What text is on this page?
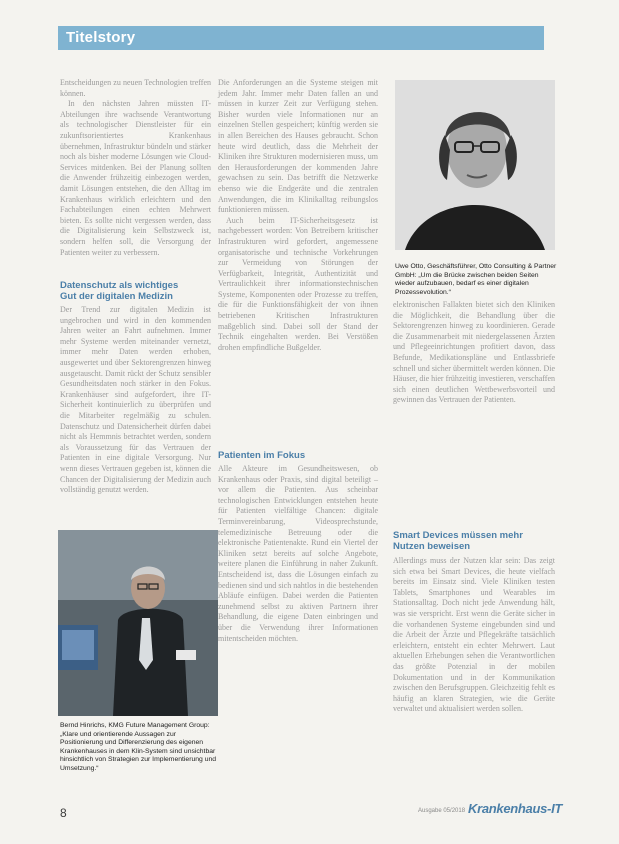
Titelstory

Entscheidungen zu neuen Technologien treffen können.

In den nächsten Jahren müssten IT-Abteilungen ihre wachsende Verantwortung als technologischer Dienstleister für ein zukunftsorientiertes Krankenhaus übernehmen, Infrastruktur bündeln und stärker noch als bisher moderne Lösungen wie Cloud-Services mitdenken. Bei der Planung sollten die Anwender frühzeitig einbezogen werden, damit Lösungen entstehen, die den Alltag im Krankenhaus wirklich erleichtern und den Fachabteilungen einen echten Mehrwert bieten. Es sollte nicht vergessen werden, dass die Digitalisierung kein Selbstzweck ist, sondern helfen soll, die Versorgung der Patienten weiter zu verbessern.

Datenschutz als wichtiges
Gut der digitalen Medizin

Der Trend zur digitalen Medizin ist ungebrochen und wird in den kommenden Jahren weiter an Fahrt aufnehmen. Immer mehr Systeme werden miteinander vernetzt, immer mehr Daten werden erhoben, ausgewertet und über Sektorengrenzen hinweg ausgetauscht. Damit rückt der Schutz sensibler Gesundheitsdaten noch stärker in den Fokus. Krankenhäuser sind aufgefordert, ihre IT-Sicherheit kontinuierlich zu überprüfen und die Mitarbeiter regelmäßig zu schulen. Datenschutz und Datensicherheit dürfen dabei nicht als Hemmnis betrachtet werden, sondern als Voraussetzung für das Vertrauen der Patienten in eine digitale Versorgung. Nur wenn dieses Vertrauen gegeben ist, können die Chancen der Digitalisierung der Medizin auch vollständig genutzt werden.

Die Anforderungen an die Systeme steigen mit jedem Jahr. Immer mehr Daten fallen an und müssen in kurzer Zeit zur Verfügung stehen. Bisher wurden viele Informationen nur an einzelnen Stellen gespeichert; künftig werden sie in allen Bereichen des Hauses gebraucht. Schon heute wird deutlich, dass die Mehrheit der Kliniken ihre Strukturen modernisieren muss, um den Herausforderungen der kommenden Jahre gewachsen zu sein. Das betrifft die Netzwerke ebenso wie die Endgeräte und die zentralen Anwendungen, die im Klinikalltag reibungslos funktionieren müssen.

Auch beim IT-Sicherheitsgesetz ist nachgebessert worden: Von Betreibern kritischer Infrastrukturen wird gefordert, angemessene organisatorische und technische Vorkehrungen zur Vermeidung von Störungen der Verfügbarkeit, Integrität, Authentizität und Vertraulichkeit ihrer informationstechnischen Systeme, Komponenten oder Prozesse zu treffen, die für die Funktionsfähigkeit der von ihnen betriebenen Kritischen Infrastrukturen maßgeblich sind. Dabei soll der Stand der Technik eingehalten werden. Bei Verstößen drohen empfindliche Bußgelder.

Patienten im Fokus

Alle Akteure im Gesundheitswesen, ob Krankenhaus oder Praxis, sind digital beteiligt – vor allem die Patienten. Aus scheinbar technologischen Entwicklungen entstehen heute für Patienten vielfältige Chancen: digitale Terminvereinbarung, Videosprechstunde, telemedizinische Betreuung oder die elektronische Patientenakte. Rund ein Viertel der Kliniken setzt bereits auf solche Angebote, weitere planen die Einführung in naher Zukunft. Entscheidend ist, dass die Lösungen einfach zu bedienen sind und sich nahtlos in die bestehenden Abläufe einfügen. Dabei werden die Patienten zunehmend selbst zu aktiven Partnern ihrer Behandlung, die eigene Daten einbringen und über die Verwendung ihrer Informationen mitentscheiden möchten.

Uwe Otto, Geschäftsführer, Otto Consulting & Partner GmbH: „Um die Brücke zwischen beiden Seiten wieder aufzubauen, bedarf es einer digitalen Prozessevolution.“

elektronischen Fallakten bietet sich den Kliniken die Möglichkeit, die Behandlung über die Sektorengrenzen hinweg zu koordinieren. Gerade die Zusammenarbeit mit niedergelassenen Ärzten und Pflegeeinrichtungen profitiert davon, dass Befunde, Medikationspläne und Entlassbriefe schnell und sicher übermittelt werden können. Die Häuser, die hier frühzeitig investieren, verschaffen sich einen deutlichen Wettbewerbsvorteil und gewinnen das Vertrauen der Patienten.

Smart Devices müssen mehr
Nutzen beweisen

Allerdings muss der Nutzen klar sein: Das zeigt sich etwa bei Smart Devices, die heute vielfach bereits im Einsatz sind. Viele Kliniken testen Tablets, Smartphones und Wearables im Stationsalltag. Doch nicht jede Anwendung hält, was sie verspricht. Erst wenn die Geräte sicher in die vorhandenen Systeme eingebunden sind und die Arbeit der Ärzte und Pflegekräfte tatsächlich erleichtern, entsteht ein echter Mehrwert. Laut aktuellen Erhebungen sehen die Verantwortlichen das größte Potenzial in der mobilen Dokumentation und in der Kommunikation zwischen den Berufsgruppen. Gleichzeitig fehlt es häufig an klaren Strategien, wie die Geräte verwaltet und aktualisiert werden sollen.

Bernd Hinrichs, KMG Future Management Group: „Klare und orientierende Aussagen zur Positionierung und Differenzierung des eigenen Krankenhauses in dem Klin-System sind unsichtbar hinsichtlich von Strategien zur Implementierung und Umsetzung.“
8	Ausgabe 05/2018 Krankenhaus-IT
